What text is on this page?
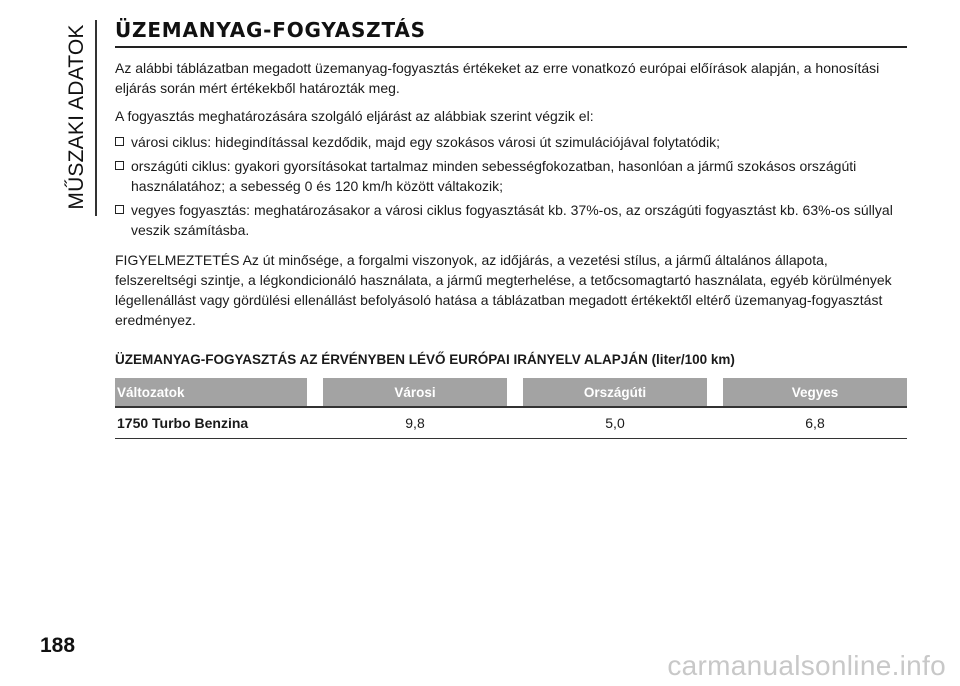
MŰSZAKI ADATOK ÜZEMANYAG-FOGYASZTÁS

Az alábbi táblázatban megadott üzemanyag-fogyasztás értékeket az erre vonatkozó európai előírások alapján, a honosítási eljárás során mért értékekből határozták meg.

A fogyasztás meghatározására szolgáló eljárást az alábbiak szerint végzik el:

városi ciklus: hidegindítással kezdődik, majd egy szokásos városi út szimulációjával folytatódik;
országúti ciklus: gyakori gyorsításokat tartalmaz minden sebességfokozatban, hasonlóan a jármű szokásos országúti használatához; a sebesség 0 és 120 km/h között váltakozik;
vegyes fogyasztás: meghatározásakor a városi ciklus fogyasztását kb. 37%-os, az országúti fogyasztást kb. 63%-os súllyal veszik számításba.

FIGYELMEZTETÉS Az út minősége, a forgalmi viszonyok, az időjárás, a vezetési stílus, a jármű általános állapota, felszereltségi szintje, a légkondicionáló használata, a jármű megterhelése, a tetőcsomagtartó használata, egyéb körülmények légellenállást vagy gördülési ellenállást befolyásoló hatása a táblázatban megadott értékektől eltérő üzemanyag-fogyasztást eredményez.

ÜZEMANYAG-FOGYASZTÁS AZ ÉRVÉNYBEN LÉVŐ EURÓPAI IRÁNYELV ALAPJÁN (liter/100 km)
Változatok		Városi		Országúti		Vegyes
1750 Turbo Benzina		9,8		5,0		6,8
188
carmanualsonline.info
